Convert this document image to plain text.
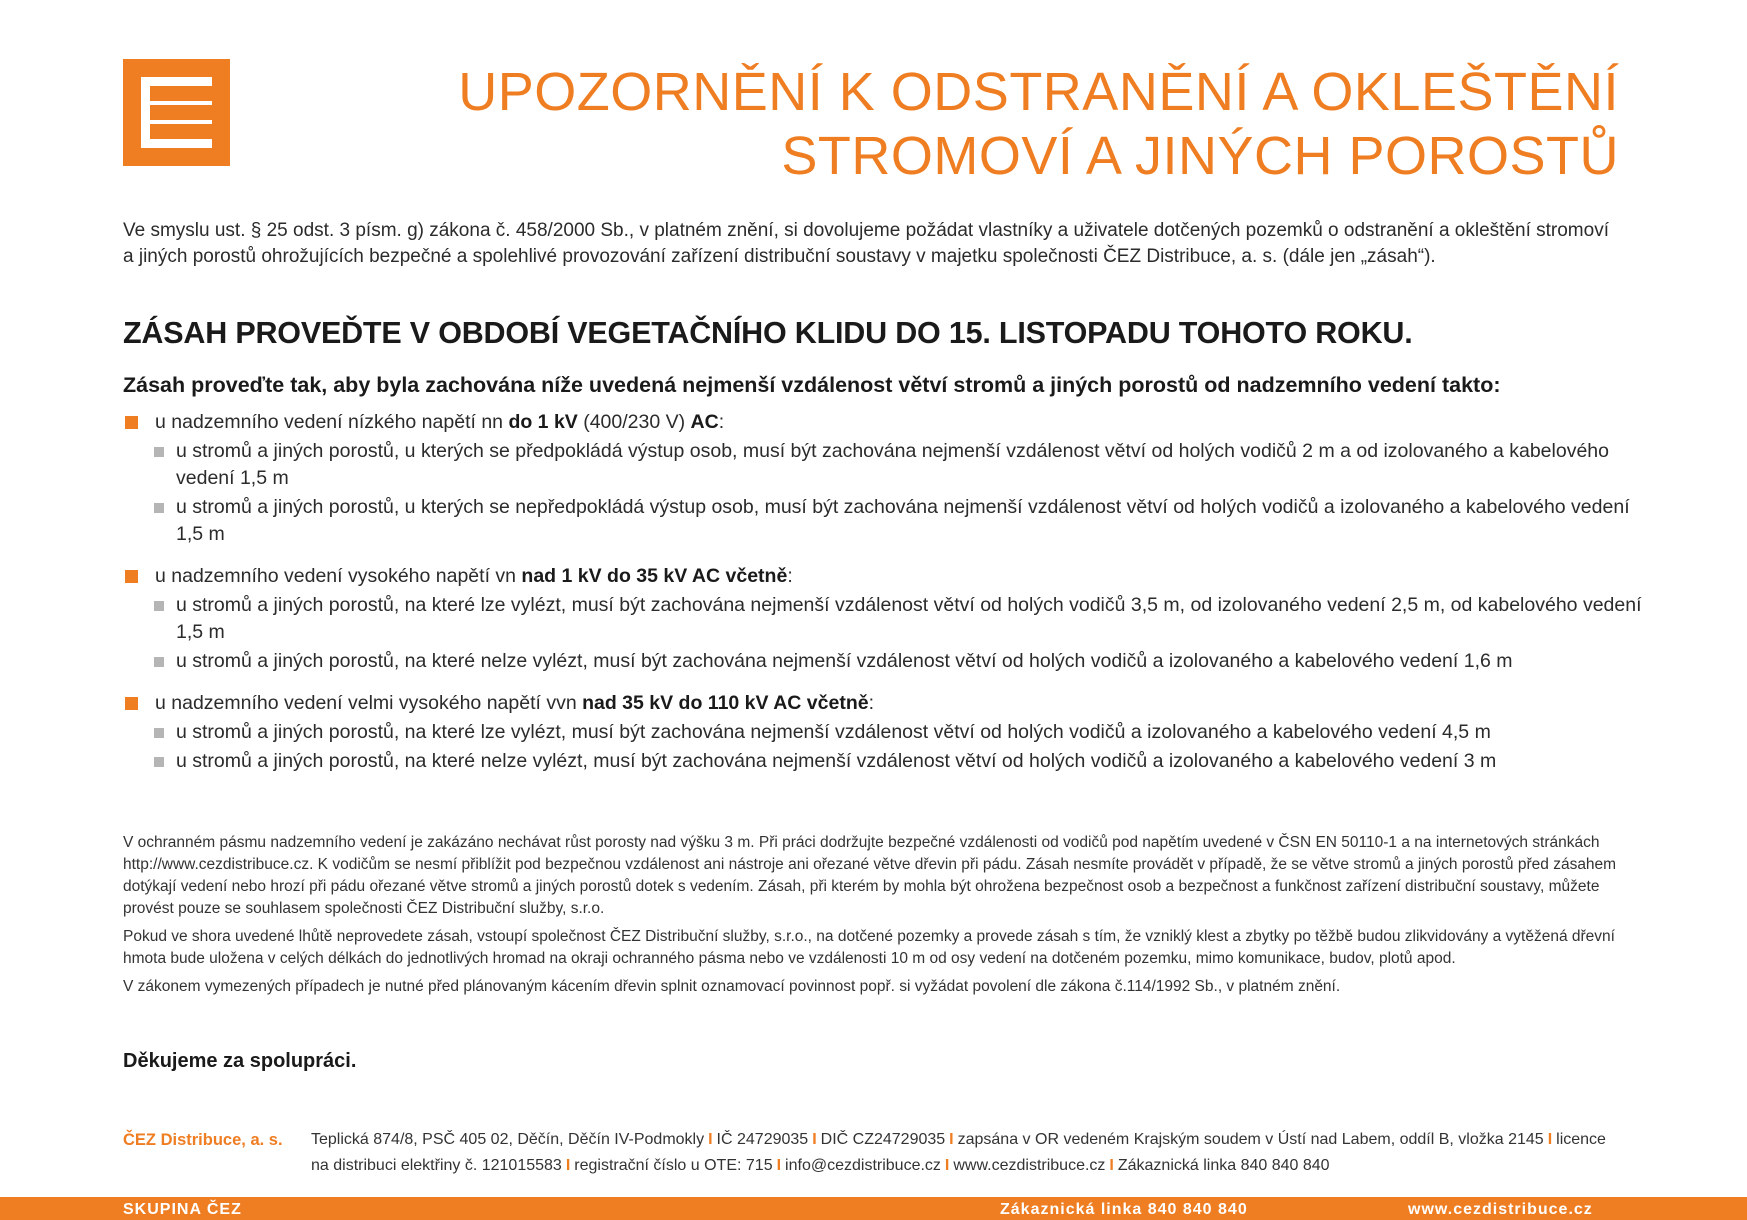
UPOZORNĚNÍ K ODSTRANĚNÍ A OKLEŠTĚNÍ
STROMOVÍ A JINÝCH POROSTŮ
Ve smyslu ust. § 25 odst. 3 písm. g) zákona č. 458/2000 Sb., v platném znění, si dovolujeme požádat vlastníky a uživatele dotčených pozemků o odstranění a okleštění stromoví a jiných porostů ohrožujících bezpečné a spolehlivé provozování zařízení distribuční soustavy v majetku společnosti ČEZ Distribuce, a. s. (dále jen „zásah“).
ZÁSAH PROVEĎTE V OBDOBÍ VEGETAČNÍHO KLIDU DO 15. LISTOPADU TOHOTO ROKU.
Zásah proveďte tak, aby byla zachována níže uvedená nejmenší vzdálenost větví stromů a jiných porostů od nadzemního vedení takto:
u nadzemního vedení nízkého napětí nn do 1 kV (400/230 V) AC:
u stromů a jiných porostů, u kterých se předpokládá výstup osob, musí být zachována nejmenší vzdálenost větví od holých vodičů 2 m a od izolovaného a kabelového vedení 1,5 m
u stromů a jiných porostů, u kterých se nepředpokládá výstup osob, musí být zachována nejmenší vzdálenost větví od holých vodičů a izolovaného a kabelového vedení 1,5 m
u nadzemního vedení vysokého napětí vn nad 1 kV do 35 kV AC včetně:
u stromů a jiných porostů, na které lze vylézt, musí být zachována nejmenší vzdálenost větví od holých vodičů 3,5 m, od izolovaného vedení 2,5 m, od kabelového vedení 1,5 m
u stromů a jiných porostů, na které nelze vylézt, musí být zachována nejmenší vzdálenost větví od holých vodičů a izolovaného a kabelového vedení 1,6 m
u nadzemního vedení velmi vysokého napětí vvn nad 35 kV do 110 kV AC včetně:
u stromů a jiných porostů, na které lze vylézt, musí být zachována nejmenší vzdálenost větví od holých vodičů a izolovaného a kabelového vedení 4,5 m
u stromů a jiných porostů, na které nelze vylézt, musí být zachována nejmenší vzdálenost větví od holých vodičů a izolovaného a kabelového vedení 3 m

V ochranném pásmu nadzemního vedení je zakázáno nechávat růst porosty nad výšku 3 m. Při práci dodržujte bezpečné vzdálenosti od vodičů pod napětím uvedené v ČSN EN 50110-1 a na internetových stránkách http://www.cezdistribuce.cz. K vodičům se nesmí přiblížit pod bezpečnou vzdálenost ani nástroje ani ořezané větve dřevin při pádu. Zásah nesmíte provádět v případě, že se větve stromů a jiných porostů před zásahem dotýkají vedení nebo hrozí při pádu ořezané větve stromů a jiných porostů dotek s vedením. Zásah, při kterém by mohla být ohrožena bezpečnost osob a bezpečnost a funkčnost zařízení distribuční soustavy, můžete provést pouze se souhlasem společnosti ČEZ Distribuční služby, s.r.o.

Pokud ve shora uvedené lhůtě neprovedete zásah, vstoupí společnost ČEZ Distribuční služby, s.r.o., na dotčené pozemky a provede zásah s tím, že vzniklý klest a zbytky po těžbě budou zlikvidovány a vytěžená dřevní hmota bude uložena v celých délkách do jednotlivých hromad na okraji ochranného pásma nebo ve vzdálenosti 10 m od osy vedení na dotčeném pozemku, mimo komunikace, budov, plotů apod.

V zákonem vymezených případech je nutné před plánovaným kácením dřevin splnit oznamovací povinnost popř. si vyžádat povolení dle zákona č.114/1992 Sb., v platném znění.

Děkujeme za spolupráci.
ČEZ Distribuce, a. s. Teplická 874/8, PSČ 405 02, Děčín, Děčín IV-Podmokly I IČ 24729035 I DIČ CZ24729035 I zapsána v OR vedeném Krajským soudem v Ústí nad Labem, oddíl B, vložka 2145 I licence na distribuci elektřiny č. 121015583 I registrační číslo u OTE: 715 I info@cezdistribuce.cz I www.cezdistribuce.cz I Zákaznická linka 840 840 840
SKUPINA ČEZ	Zákaznická linka 840 840 840	www.cezdistribuce.cz
